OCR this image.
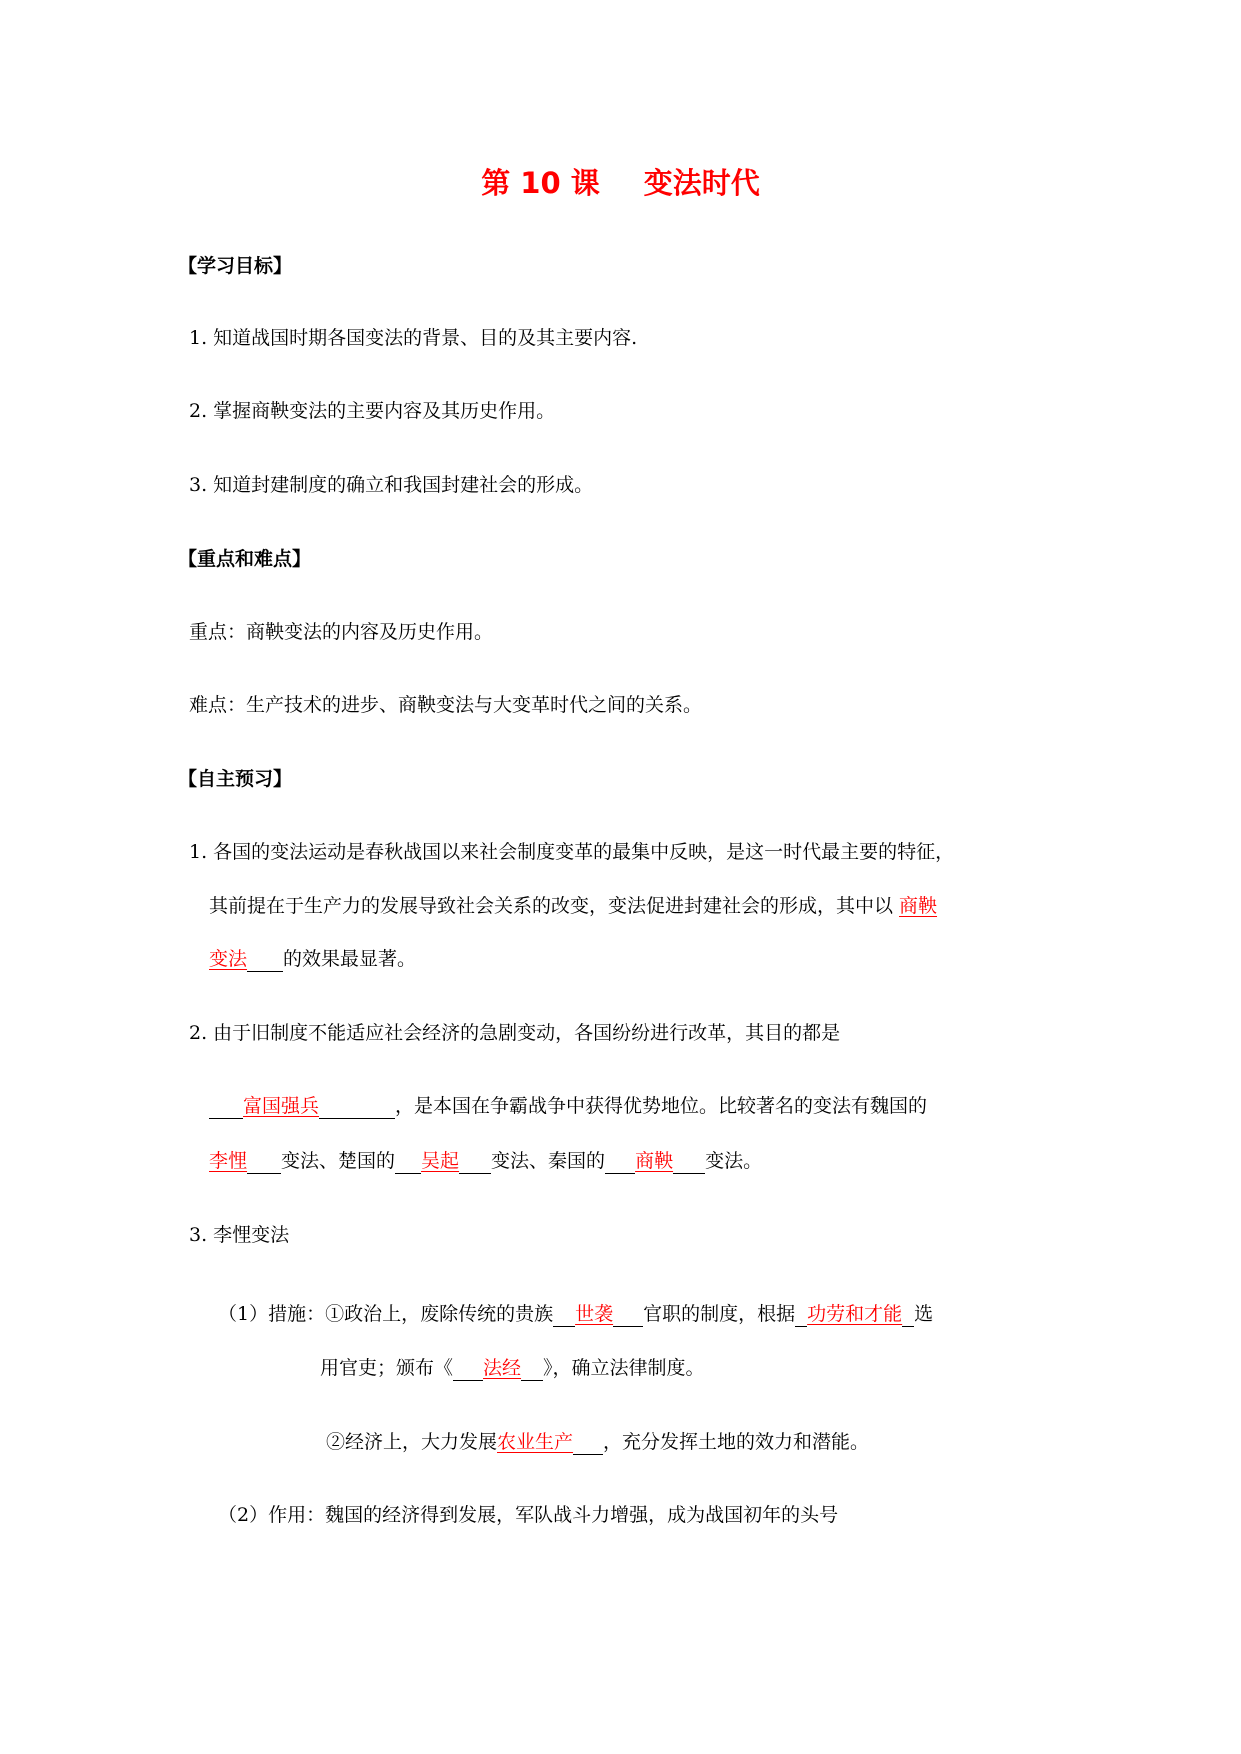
第 10 课 变法时代
【学习目标】
1. 知道战国时期各国变法的背景、目的及其主要内容.
2. 掌握商鞅变法的主要内容及其历史作用。
3. 知道封建制度的确立和我国封建社会的形成。
【重点和难点】
重点：商鞅变法的内容及历史作用。
难点：生产技术的进步、商鞅变法与大变革时代之间的关系。
【自主预习】
1. 各国的变法运动是春秋战国以来社会制度变革的最集中反映，是这一时代最主要的特征，
其前提在于生产力的发展导致社会关系的改变，变法促进封建社会的形成，其中以 商鞅
变法 的效果最显著。
2. 由于旧制度不能适应社会经济的急剧变动，各国纷纷进行改革，其目的都是
富国强兵	，是本国在争霸战争中获得优势地位。比较著名的变法有魏国的
李悝 变法、楚国的 吴起 变法、秦国的 商鞅 变法。
3. 李悝变法
（1）措施：①政治上，废除传统的贵族 世袭 官职的制度，根据 功劳和才能 选
用官吏；颁布《 法经 》，确立法律制度。
②经济上，大力发展农业生产 ，充分发挥土地的效力和潜能。
（2）作用：魏国的经济得到发展，军队战斗力增强，成为战国初年的头号
